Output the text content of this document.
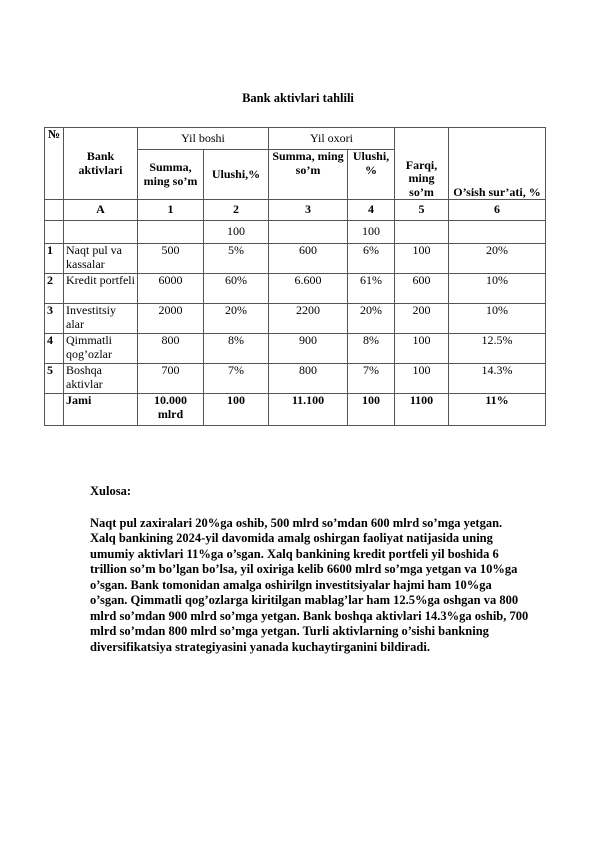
Bank aktivlari tahlili
№	Bank aktivlari	Yil boshi		Yil oxori		Farqi, ming so’m	O’sish sur’ati, %
		Summa, ming so’m	Ulushi,%	Summa, ming so’m	Ulushi, %		
	A	1	2	3	4	5	6
			100		100		
1	Naqt pul va kassalar	500	5%	600	6%	100	20%
2	Kredit portfeli	6000	60%	6.600	61%	600	10%
3	Investitsiy alar	2000	20%	2200	20%	200	10%
4	Qimmatli qog’ozlar	800	8%	900	8%	100	12.5%
5	Boshqa aktivlar	700	7%	800	7%	100	14.3%
	Jami	10.000 mlrd	100	11.100	100	1100	11%

Xulosa:

Naqt pul zaxiralari 20%ga oshib, 500 mlrd so’mdan 600 mlrd so’mga yetgan. Xalq bankining 2024-yil davomida amalg oshirgan faoliyat natijasida uning umumiy aktivlari 11%ga o’sgan. Xalq bankining kredit portfeli yil boshida 6 trillion so’m bo’lgan bo’lsa, yil oxiriga kelib 6600 mlrd so’mga yetgan va 10%ga o’sgan. Bank tomonidan amalga oshirilgn investitsiyalar hajmi ham 10%ga o’sgan. Qimmatli qog’ozlarga kiritilgan mablag’lar ham 12.5%ga oshgan va 800 mlrd so’mdan 900 mlrd so’mga yetgan. Bank boshqa aktivlari 14.3%ga oshib, 700 mlrd so’mdan 800 mlrd so’mga yetgan. Turli aktivlarning o’sishi bankning diversifikatsiya strategiyasini yanada kuchaytirganini bildiradi.
